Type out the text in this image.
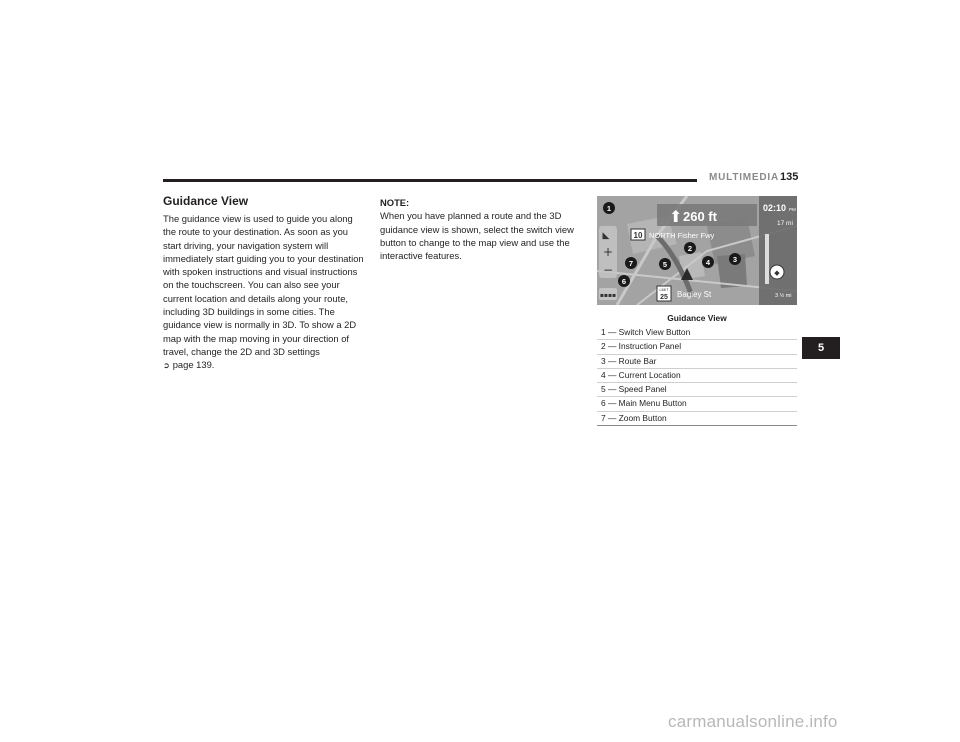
MULTIMEDIA 135
Guidance View

The guidance view is used to guide you along the route to your destination. As soon as you start driving, your navigation system will immediately start guiding you to your destination with spoken instructions and visual instructions on the touchscreen. You can also see your current location and details along your route, including 3D buildings in some cities. The guidance view is normally in 3D. To show a 2D map with the map moving in your direction of travel, change the 2D and 3D settings
➲ page 139.

NOTE:
When you have planned a route and the 3D guidance view is shown, select the switch view button to change to the map view and use the interactive features.	+
−
◣
▪▪▪▪
⬆ 260 ft
10 NORTH Fisher Fwy
02:10 PM
17 mi
◆
3 ½ mi
LIMIT
25 Bagley St
1
2
3
4
5
6
7
Guidance View
1 — Switch View Button
2 — Instruction Panel
3 — Route Bar
4 — Current Location
5 — Speed Panel
6 — Main Menu Button
7 — Zoom Button
5
carmanualsonline.info
